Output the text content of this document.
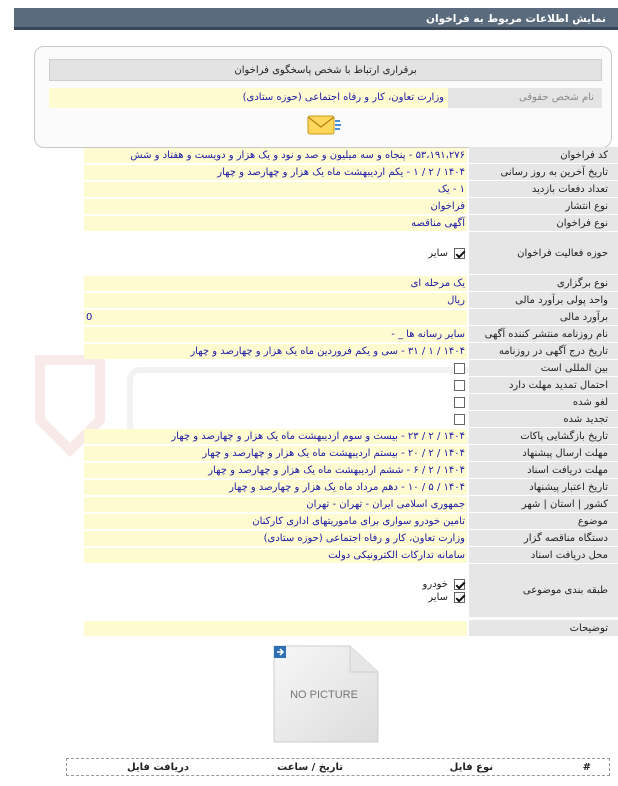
نمایش اطلاعات مربوط به فراخوان
برقراری ارتباط با شخص پاسخگوی فراخوان
نام شخص حقوقی
وزارت تعاون، کار و رفاه اجتماعی (حوزه ستادی)
کد فراخوان
۵۳،۱۹۱،۲۷۶ - پنجاه و سه میلیون و صد و نود و یک هزار و دویست و هفتاد و شش
تاریخ آخرین به روز رسانی
۱۴۰۴ / ۲ / ۱ - یکم اردیبهشت ماه یک هزار و چهارصد و چهار
تعداد دفعات بازدید
۱ - یک
نوع انتشار
فراخوان
نوع فراخوان
آگهی مناقصه
حوزه فعالیت فراخوان
سایر
نوع برگزاری
یک مرحله ای
واحد پولی برآورد مالی
ریال
برآورد مالی
0
نام روزنامه منتشر کننده آگهی
سایر رسانه ها _ -
تاریخ درج آگهی در روزنامه
۱۴۰۴ / ۱ / ۳۱ - سی و یکم فروردین ماه یک هزار و چهارصد و چهار
بین المللی است
احتمال تمدید مهلت دارد
لغو شده
تجدید شده
تاریخ بازگشایی پاکات
۱۴۰۴ / ۲ / ۲۳ - بیست و سوم اردیبهشت ماه یک هزار و چهارصد و چهار
مهلت ارسال پیشنهاد
۱۴۰۴ / ۲ / ۲۰ - بیستم اردیبهشت ماه یک هزار و چهارصد و چهار
مهلت دریافت اسناد
۱۴۰۴ / ۲ / ۶ - ششم اردیبهشت ماه یک هزار و چهارصد و چهار
تاریخ اعتبار پیشنهاد
۱۴۰۴ / ۵ / ۱۰ - دهم مرداد ماه یک هزار و چهارصد و چهار
کشور | استان | شهر
جمهوری اسلامی ایران - تهران - تهران
موضوع
تامین خودرو سواری برای ماموریتهای اداری کارکنان
دستگاه مناقصه گزار
وزارت تعاون، کار و رفاه اجتماعی (حوزه ستادی)
محل دریافت اسناد
سامانه تدارکات الکترونیکی دولت
طبقه بندی موضوعی
خودرو
سایر
توضیحات
NO PICTURE
#
نوع فایل
تاریخ / ساعت
دریافت فایل
